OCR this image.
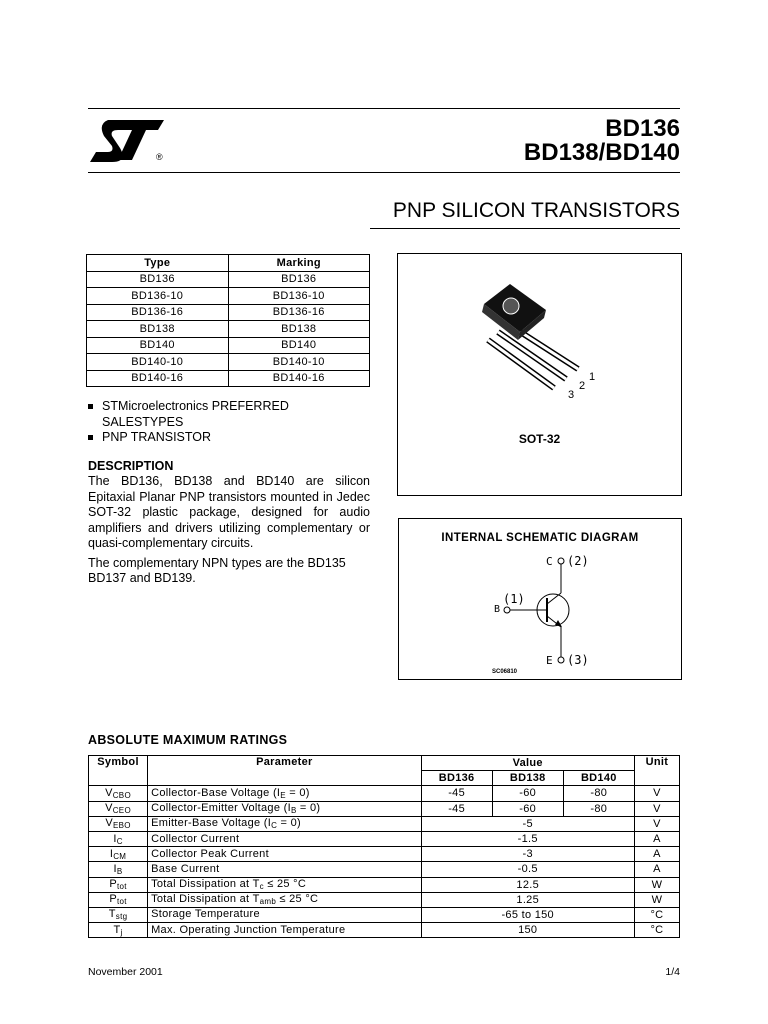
®
BD136
BD138/BD140
PNP SILICON TRANSISTORS
Type	Marking
BD136	BD136
BD136-10	BD136-10
BD136-16	BD136-16
BD138	BD138
BD140	BD140
BD140-10	BD140-10
BD140-16	BD140-16
STMicroelectronics PREFERRED SALESTYPES
PNP TRANSISTOR
DESCRIPTION

The BD136, BD138 and BD140 are silicon Epitaxial Planar PNP transistors mounted in Jedec SOT-32 plastic package, designed for audio amplifiers and drivers utilizing complementary or quasi-complementary circuits.

The complementary NPN types are the BD135 BD137 and BD139.

1
2
3
SOT-32
INTERNAL SCHEMATIC DIAGRAM
C (2)
(1)
B
E (3)
SC06810
ABSOLUTE MAXIMUM RATINGS
Symbol	Parameter	Value			Unit
		BD136	BD138	BD140	
$V_{CBO}$	Collector-Base Voltage $(I_E = 0)$	-45	-60	-80	V
$V_{CEO}$	Collector-Emitter Voltage $(I_B = 0)$	-45	-60	-80	V
$V_{EBO}$	Emitter-Base Voltage $(I_C = 0)$	-5			V
$I_C$	Collector Current	-1.5			A
$I_{CM}$	Collector Peak Current	-3			A
$I_B$	Base Current	-0.5			A
$P_{tot}$	Total Dissipation at $T_c \le 25$ °C	12.5			W
$P_{tot}$	Total Dissipation at $T_{amb} \le 25$ °C	1.25			W
$T_{stg}$	Storage Temperature	-65 to 150			°C
$T_j$	Max. Operating Junction Temperature	150			°C
November 2001	1/4
